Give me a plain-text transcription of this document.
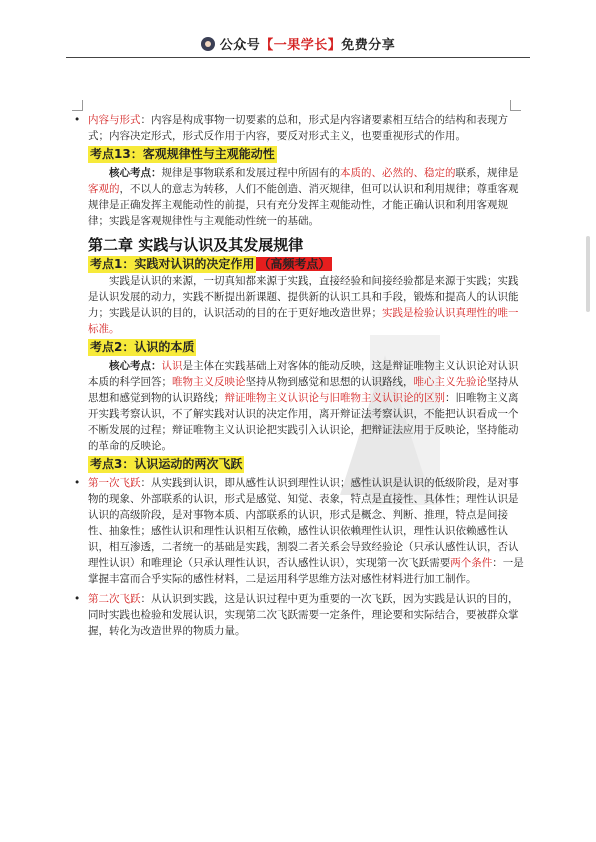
公众号【一果学长】免费分享

• 内容与形式：内容是构成事物一切要素的总和，形式是内容诸要素相互结合的结构和表现方式；内容决定形式，形式反作用于内容，要反对形式主义，也要重视形式的作用。

考点13：客观规律性与主观能动性

核心考点：规律是事物联系和发展过程中所固有的本质的、必然的、稳定的联系，规律是客观的，不以人的意志为转移，人们不能创造、消灭规律，但可以认识和利用规律；尊重客观规律是正确发挥主观能动性的前提，只有充分发挥主观能动性，才能正确认识和利用客观规律；实践是客观规律性与主观能动性统一的基础。

第二章 实践与认识及其发展规律
考点1：实践对认识的决定作用 （高频考点）

实践是认识的来源，一切真知都来源于实践，直接经验和间接经验都是来源于实践；实践是认识发展的动力，实践不断提出新课题、提供新的认识工具和手段，锻炼和提高人的认识能力；实践是认识的目的，认识活动的目的在于更好地改造世界；实践是检验认识真理性的唯一标准。

考点2：认识的本质

核心考点：认识是主体在实践基础上对客体的能动反映，这是辩证唯物主义认识论对认识本质的科学回答；唯物主义反映论坚持从物到感觉和思想的认识路线，唯心主义先验论坚持从思想和感觉到物的认识路线；辩证唯物主义认识论与旧唯物主义认识论的区别：旧唯物主义离开实践考察认识，不了解实践对认识的决定作用，离开辩证法考察认识，不能把认识看成一个不断发展的过程；辩证唯物主义认识论把实践引入认识论，把辩证法应用于反映论，坚持能动的革命的反映论。

考点3：认识运动的两次飞跃

• 第一次飞跃：从实践到认识，即从感性认识到理性认识；感性认识是认识的低级阶段，是对事物的现象、外部联系的认识，形式是感觉、知觉、表象，特点是直接性、具体性；理性认识是认识的高级阶段，是对事物本质、内部联系的认识，形式是概念、判断、推理，特点是间接性、抽象性；感性认识和理性认识相互依赖，感性认识依赖理性认识，理性认识依赖感性认识，相互渗透，二者统一的基础是实践，割裂二者关系会导致经验论（只承认感性认识，否认理性认识）和唯理论（只承认理性认识，否认感性认识），实现第一次飞跃需要两个条件：一是掌握丰富而合乎实际的感性材料，二是运用科学思维方法对感性材料进行加工制作。

• 第二次飞跃：从认识到实践，这是认识过程中更为重要的一次飞跃，因为实践是认识的目的，同时实践也检验和发展认识，实现第二次飞跃需要一定条件，理论要和实际结合，要被群众掌握，转化为改造世界的物质力量。
